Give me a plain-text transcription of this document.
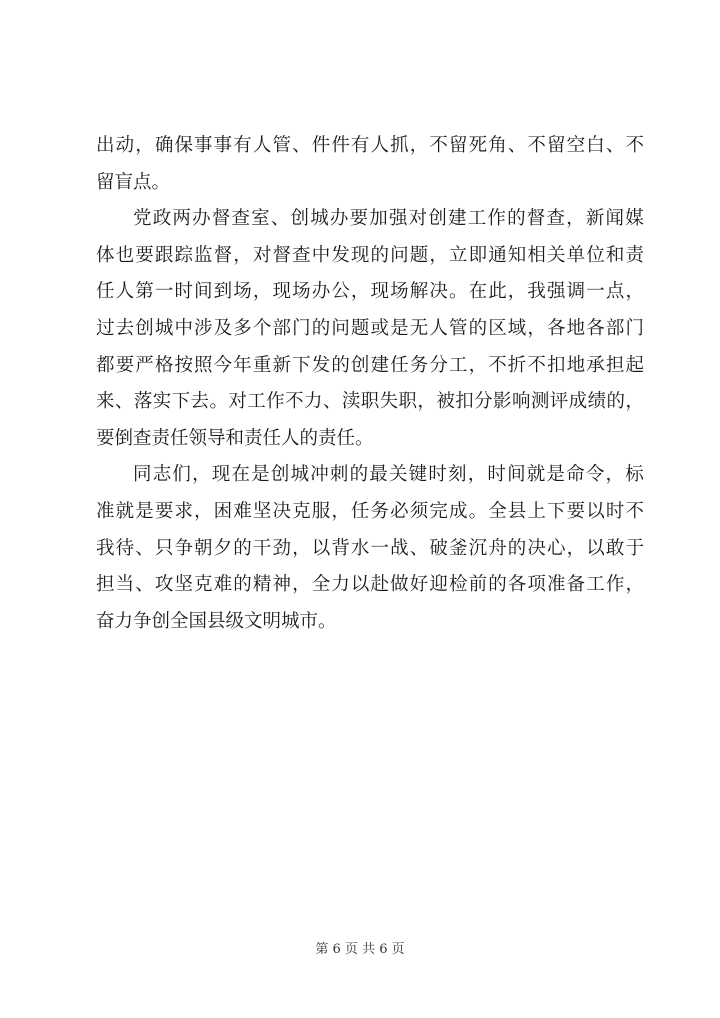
出 动 ， 确 保 事 事 有 人 管 、 件 件 有 人 抓 ， 不 留 死 角 、 不 留 空 白 、 不
留盲点。
党 政 两 办 督 查 室 、 创 城 办 要 加 强 对 创 建 工 作 的 督 查 ， 新 闻 媒
体 也 要 跟 踪 监 督 ， 对 督 查 中 发 现 的 问 题 ， 立 即 通 知 相 关 单 位 和 责
任 人 第 一 时 间 到 场 ， 现 场 办 公 ， 现 场 解 决 。 在 此 ， 我 强 调 一 点 ，
过 去 创 城 中 涉 及 多 个 部 门 的 问 题 或 是 无 人 管 的 区 域 ， 各 地 各 部 门
都 要 严 格 按 照 今 年 重 新 下 发 的 创 建 任 务 分 工 ， 不 折 不 扣 地 承 担 起
来 、 落 实 下 去 。 对 工 作 不 力 、 渎 职 失 职 ， 被 扣 分 影 响 测 评 成 绩 的 ，
要倒查责任领导和责任人的责任。
同 志 们 ， 现 在 是 创 城 冲 刺 的 最 关 键 时 刻 ， 时 间 就 是 命 令 ， 标
准 就 是 要 求 ， 困 难 坚 决 克 服 ， 任 务 必 须 完 成 。 全 县 上 下 要 以 时 不
我 待 、 只 争 朝 夕 的 干 劲 ， 以 背 水 一 战 、 破 釜 沉 舟 的 决 心 ， 以 敢 于
担 当 、 攻 坚 克 难 的 精 神 ， 全 力 以 赴 做 好 迎 检 前 的 各 项 准 备 工 作 ，
奋力争创全国县级文明城市。
第 6 页 共 6 页
